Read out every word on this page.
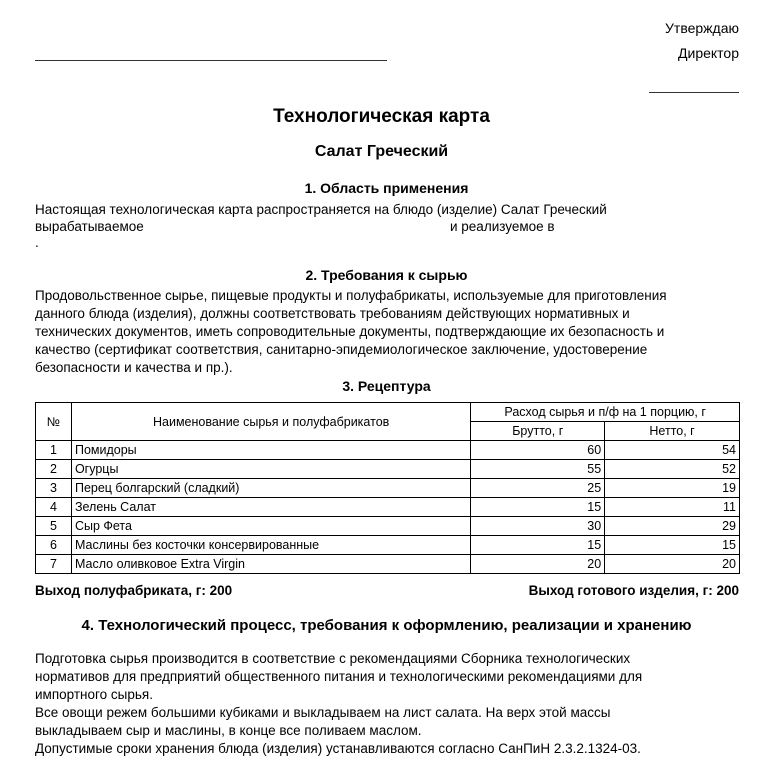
Утверждаю
Директор
Технологическая карта
Салат Греческий
1. Область применения
Настоящая технологическая карта распространяется на блюдо (изделие) Салат Греческий
вырабатываемое	и реализуемое в
.
2. Требования к сырью
Продовольственное сырье, пищевые продукты и полуфабрикаты, используемые для приготовления
данного блюда (изделия), должны соответствовать требованиям действующих нормативных и
технических документов, иметь сопроводительные документы, подтверждающие их безопасность и
качество (сертификат соответствия, санитарно-эпидемиологическое заключение, удостоверение
безопасности и качества и пр.).
3. Рецептура
№	Наименование сырья и полуфабрикатов	Расход сырья и п/ф на 1 порцию, г	
		Брутто, г	Нетто, г
1	Помидоры	60	54
2	Огурцы	55	52
3	Перец болгарский (сладкий)	25	19
4	Зелень Салат	15	11
5	Сыр Фета	30	29
6	Маслины без косточки консервированные	15	15
7	Масло оливковое Extra Virgin	20	20
Выход полуфабриката, г: 200	Выход готового изделия, г: 200
4. Технологический процесс, требования к оформлению, реализации и хранению
Подготовка сырья производится в соответствие с рекомендациями Сборника технологических
нормативов для предприятий общественного питания и технологическими рекомендациями для
импортного сырья.
Все овощи режем большими кубиками и выкладываем на лист салата. На верх этой массы
выкладываем сыр и маслины, в конце все поливаем маслом.
Допустимые сроки хранения блюда (изделия) устанавливаются согласно СанПиН 2.3.2.1324-03.
